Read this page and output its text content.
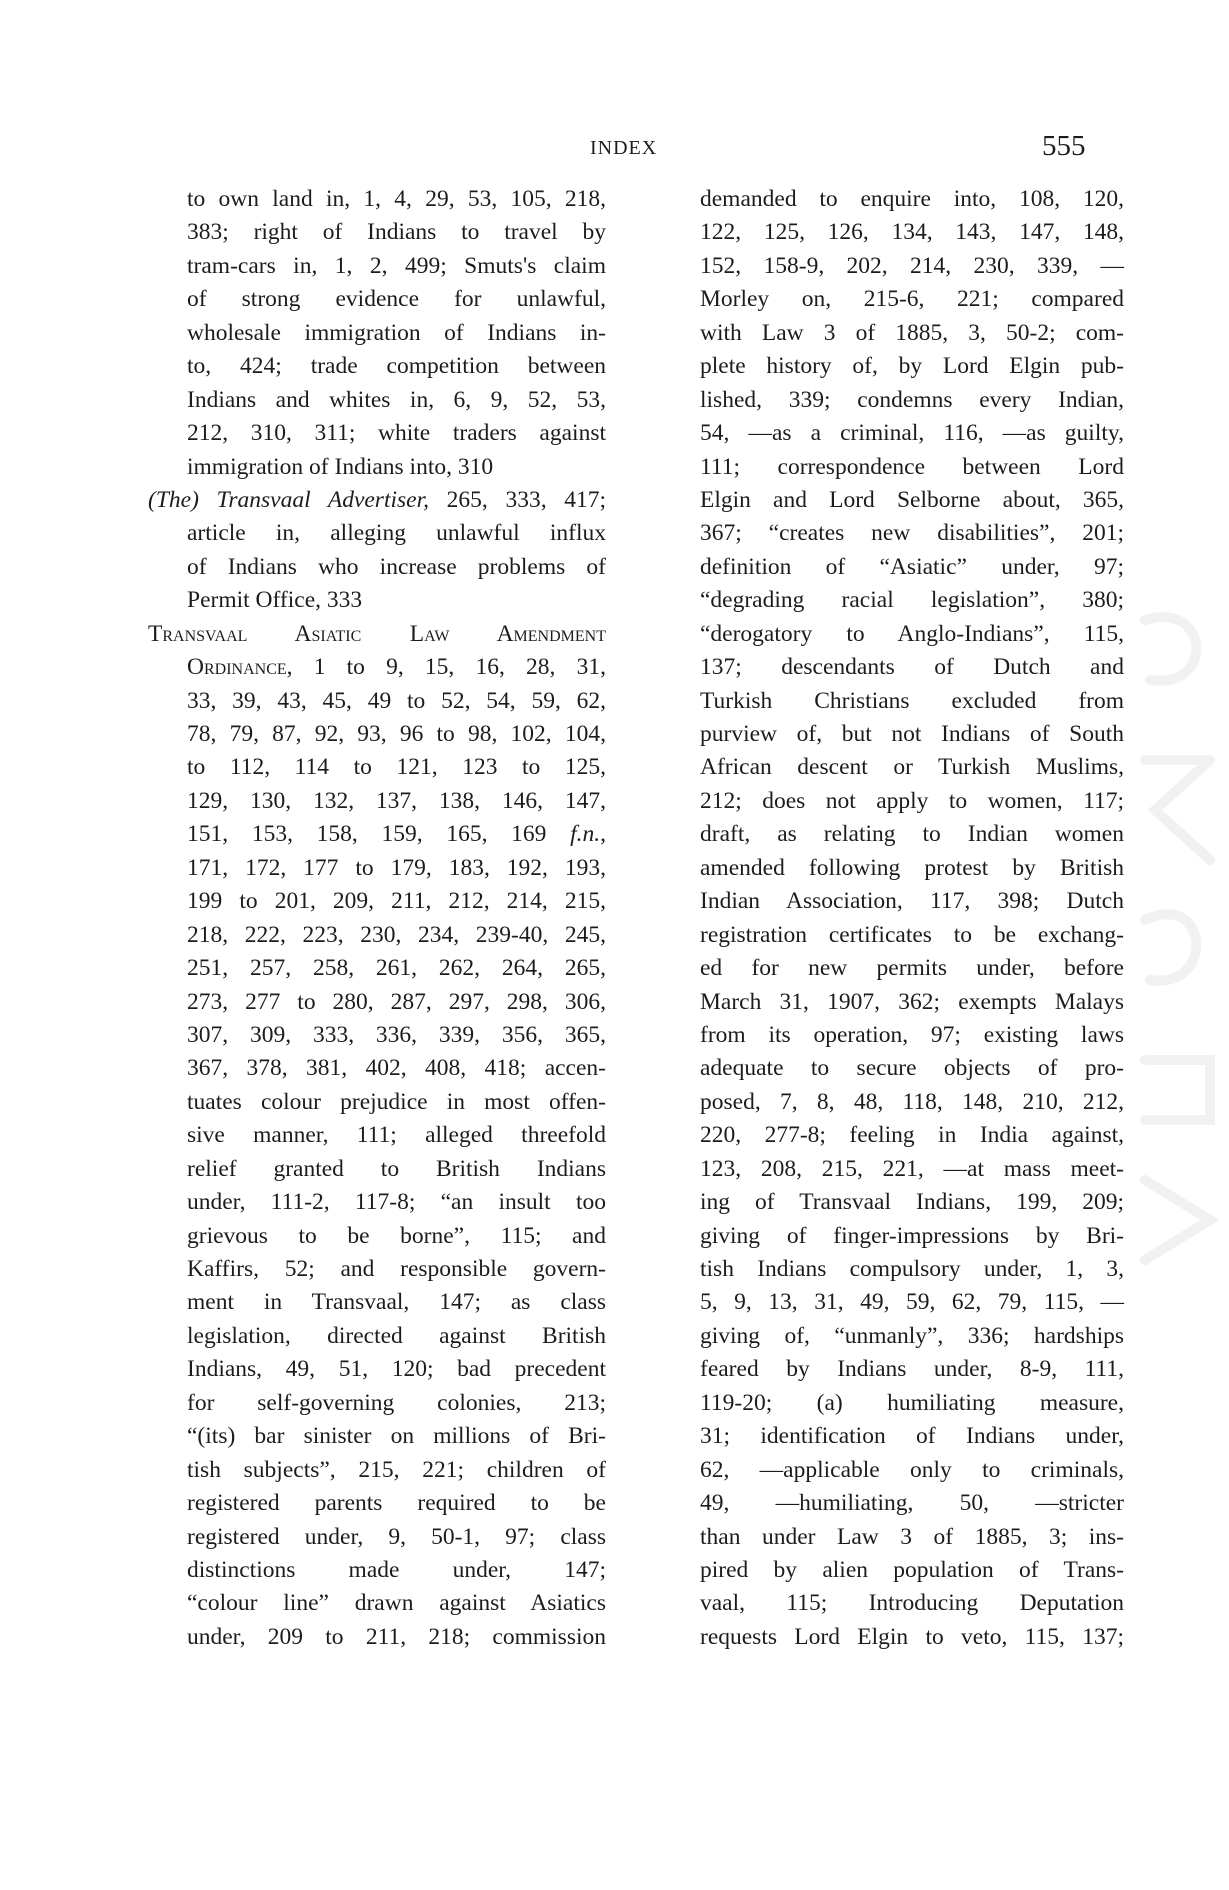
INDEX	555
to own land in, 1, 4, 29, 53, 105, 218,
383; right of Indians to travel by
tram-cars in, 1, 2, 499; Smuts's claim
of strong evidence for unlawful,
wholesale immigration of Indians in-
to, 424; trade competition between
Indians and whites in, 6, 9, 52, 53,
212, 310, 311; white traders against
immigration of Indians into, 310
(The) Transvaal Advertiser, 265, 333, 417;
article in, alleging unlawful influx
of Indians who increase problems of
Permit Office, 333
Transvaal Asiatic Law Amendment
Ordinance, 1 to 9, 15, 16, 28, 31,
33, 39, 43, 45, 49 to 52, 54, 59, 62,
78, 79, 87, 92, 93, 96 to 98, 102, 104,
to 112, 114 to 121, 123 to 125,
129, 130, 132, 137, 138, 146, 147,
151, 153, 158, 159, 165, 169 f.n.,
171, 172, 177 to 179, 183, 192, 193,
199 to 201, 209, 211, 212, 214, 215,
218, 222, 223, 230, 234, 239-40, 245,
251, 257, 258, 261, 262, 264, 265,
273, 277 to 280, 287, 297, 298, 306,
307, 309, 333, 336, 339, 356, 365,
367, 378, 381, 402, 408, 418; accen-
tuates colour prejudice in most offen-
sive manner, 111; alleged threefold
relief granted to British Indians
under, 111-2, 117-8; “an insult too
grievous to be borne”, 115; and
Kaffirs, 52; and responsible govern-
ment in Transvaal, 147; as class
legislation, directed against British
Indians, 49, 51, 120; bad precedent
for self-governing colonies, 213;
“(its) bar sinister on millions of Bri-
tish subjects”, 215, 221; children of
registered parents required to be
registered under, 9, 50-1, 97; class
distinctions made under, 147;
“colour line” drawn against Asiatics
under, 209 to 211, 218; commission
demanded to enquire into, 108, 120,
122, 125, 126, 134, 143, 147, 148,
152, 158-9, 202, 214, 230, 339, —
Morley on, 215-6, 221; compared
with Law 3 of 1885, 3, 50-2; com-
plete history of, by Lord Elgin pub-
lished, 339; condemns every Indian,
54, —as a criminal, 116, —as guilty,
111; correspondence between Lord
Elgin and Lord Selborne about, 365,
367; “creates new disabilities”, 201;
definition of “Asiatic” under, 97;
“degrading racial legislation”, 380;
“derogatory to Anglo-Indians”, 115,
137; descendants of Dutch and
Turkish Christians excluded from
purview of, but not Indians of South
African descent or Turkish Muslims,
212; does not apply to women, 117;
draft, as relating to Indian women
amended following protest by British
Indian Association, 117, 398; Dutch
registration certificates to be exchang-
ed for new permits under, before
March 31, 1907, 362; exempts Malays
from its operation, 97; existing laws
adequate to secure objects of pro-
posed, 7, 8, 48, 118, 148, 210, 212,
220, 277-8; feeling in India against,
123, 208, 215, 221, —at mass meet-
ing of Transvaal Indians, 199, 209;
giving of finger-impressions by Bri-
tish Indians compulsory under, 1, 3,
5, 9, 13, 31, 49, 59, 62, 79, 115, —
giving of, “unmanly”, 336; hardships
feared by Indians under, 8-9, 111,
119-20; (a) humiliating measure,
31; identification of Indians under,
62, —applicable only to criminals,
49, —humiliating, 50, —stricter
than under Law 3 of 1885, 3; ins-
pired by alien population of Trans-
vaal, 115; Introducing Deputation
requests Lord Elgin to veto, 115, 137;
